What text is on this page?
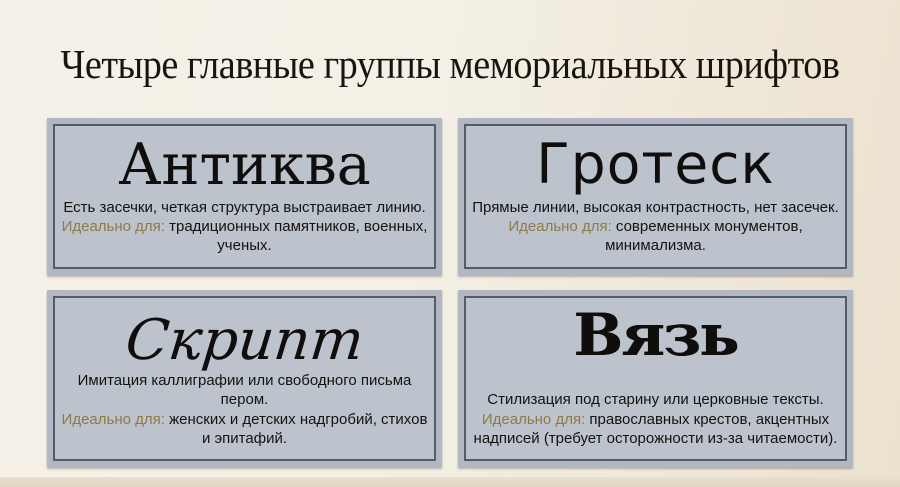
Четыре главные группы мемориальных шрифтов
Антиква
Есть засечки, четкая структура выстраивает линию.
Идеально для: традиционных памятников, военных, ученых.
Гротеск
Прямые линии, высокая контрастность, нет засечек.
Идеально для: современных монументов, минимализма.
Скрипт
Имитация каллиграфии или свободного письма пером.
Идеально для: женских и детских надгробий, стихов и эпитафий.
Вязь
Стилизация под старину или церковные тексты.
Идеально для: православных крестов, акцентных надписей (требует осторожности из-за читаемости).
